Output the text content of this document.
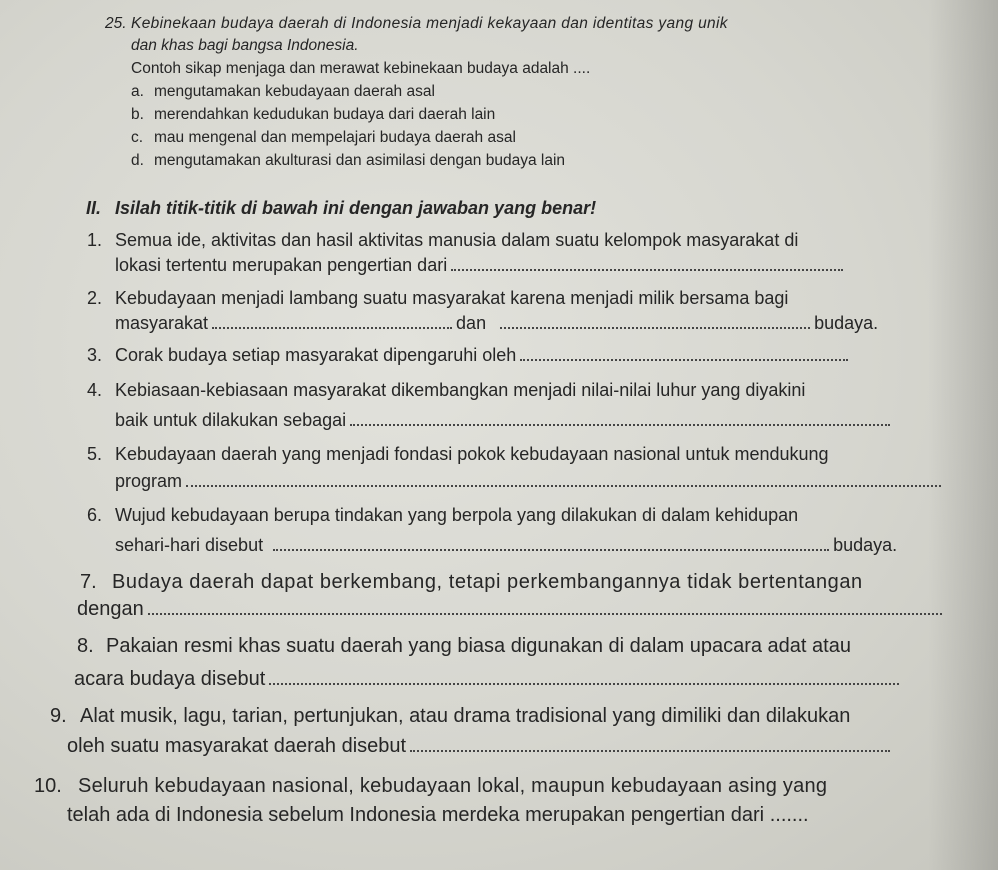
25. Kebinekaan budaya daerah di Indonesia menjadi kekayaan dan identitas yang unik
dan khas bagi bangsa Indonesia.
Contoh sikap menjaga dan merawat kebinekaan budaya adalah ....
a. mengutamakan kebudayaan daerah asal
b. merendahkan kedudukan budaya dari daerah lain
c. mau mengenal dan mempelajari budaya daerah asal
d. mengutamakan akulturasi dan asimilasi dengan budaya lain
II. Isilah titik-titik di bawah ini dengan jawaban yang benar!
1. Semua ide, aktivitas dan hasil aktivitas manusia dalam suatu kelompok masyarakat di
lokasi tertentu merupakan pengertian dari
2. Kebudayaan menjadi lambang suatu masyarakat karena menjadi milik bersama bagi
masyarakat	dan	budaya.
3. Corak budaya setiap masyarakat dipengaruhi oleh
4. Kebiasaan-kebiasaan masyarakat dikembangkan menjadi nilai-nilai luhur yang diyakini
baik untuk dilakukan sebagai
5. Kebudayaan daerah yang menjadi fondasi pokok kebudayaan nasional untuk mendukung
program
6. Wujud kebudayaan berupa tindakan yang berpola yang dilakukan di dalam kehidupan
sehari-hari disebut	budaya.
7. Budaya daerah dapat berkembang, tetapi perkembangannya tidak bertentangan
dengan
8. Pakaian resmi khas suatu daerah yang biasa digunakan di dalam upacara adat atau
acara budaya disebut
9. Alat musik, lagu, tarian, pertunjukan, atau drama tradisional yang dimiliki dan dilakukan
oleh suatu masyarakat daerah disebut
10. Seluruh kebudayaan nasional, kebudayaan lokal, maupun kebudayaan asing yang
telah ada di Indonesia sebelum Indonesia merdeka merupakan pengertian dari .......
